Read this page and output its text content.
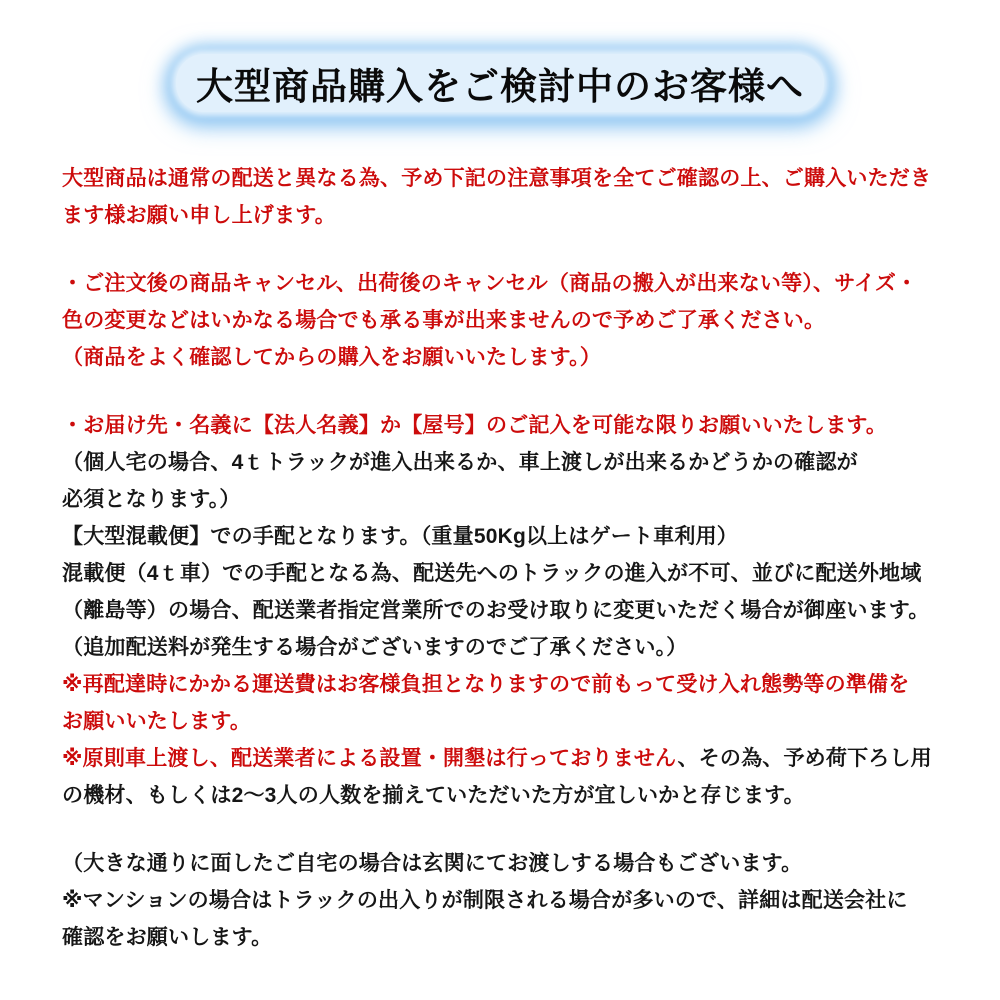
大型商品購入をご検討中のお客様へ
大型商品は通常の配送と異なる為、予め下記の注意事項を全てご確認の上、ご購入いただき
ます様お願い申し上げます。
・ご注文後の商品キャンセル、出荷後のキャンセル（商品の搬入が出来ない等）、サイズ・
色の変更などはいかなる場合でも承る事が出来ませんので予めご了承ください。
（商品をよく確認してからの購入をお願いいたします。）
・お届け先・名義に【法人名義】か【屋号】のご記入を可能な限りお願いいたします。
（個人宅の場合、4ｔトラックが進入出来るか、車上渡しが出来るかどうかの確認が
必須となります。）
【大型混載便】での手配となります。（重量50Kg以上はゲート車利用）
混載便（4ｔ車）での手配となる為、配送先へのトラックの進入が不可、並びに配送外地域
（離島等）の場合、配送業者指定営業所でのお受け取りに変更いただく場合が御座います。
（追加配送料が発生する場合がございますのでご了承ください。）
※再配達時にかかる運送費はお客様負担となりますので前もって受け入れ態勢等の準備を
お願いいたします。
※原則車上渡し、配送業者による設置・開墾は行っておりません、その為、予め荷下ろし用
の機材、もしくは2～3人の人数を揃えていただいた方が宜しいかと存じます。
（大きな通りに面したご自宅の場合は玄関にてお渡しする場合もございます。
※マンションの場合はトラックの出入りが制限される場合が多いので、詳細は配送会社に
確認をお願いします。
